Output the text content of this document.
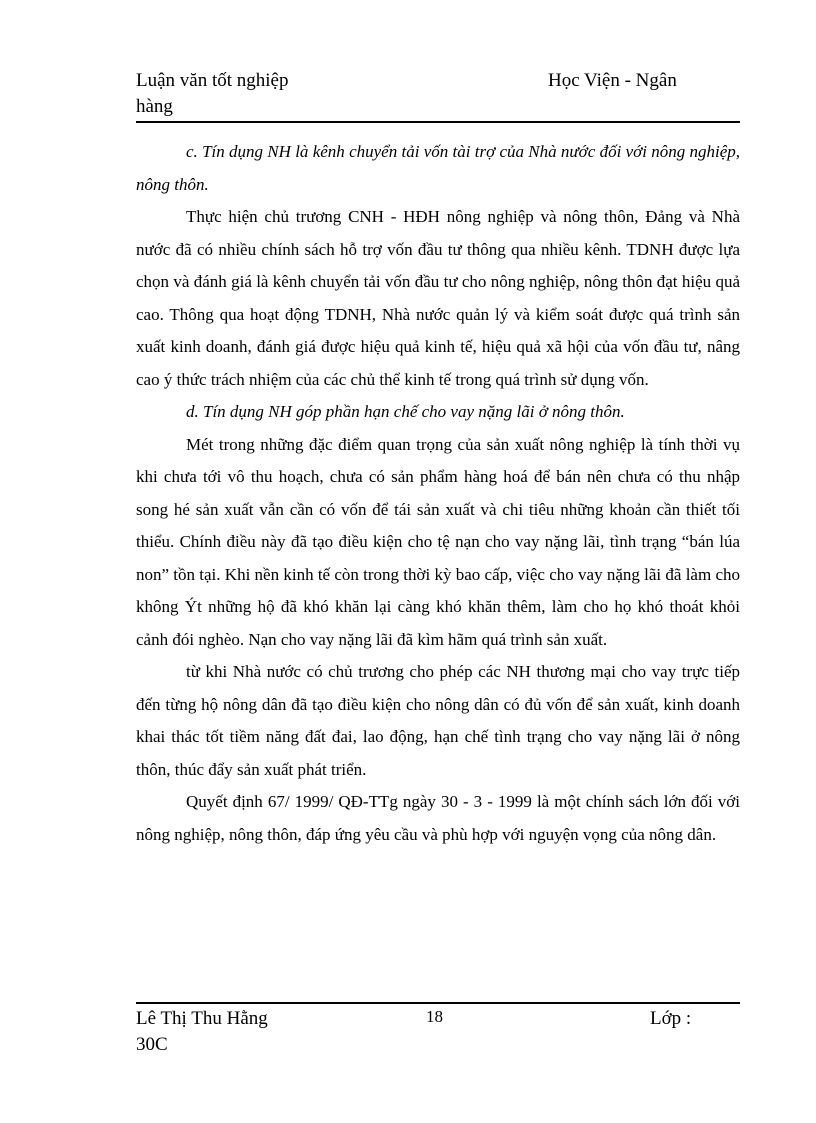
Luận văn tốt nghiệp	Học Viện - Ngân
hàng

c. Tín dụng NH là kênh chuyển tải vốn tài trợ của Nhà nước đối với nông nghiệp, nông thôn.

Thực hiện chủ trương CNH - HĐH nông nghiệp và nông thôn, Đảng và Nhà nước đã có nhiều chính sách hỗ trợ vốn đầu tư thông qua nhiều kênh. TDNH được lựa chọn và đánh giá là kênh chuyển tải vốn đầu tư cho nông nghiệp, nông thôn đạt hiệu quả cao. Thông qua hoạt động TDNH, Nhà nước quản lý và kiểm soát được quá trình sản xuất kinh doanh, đánh giá được hiệu quả kinh tế, hiệu quả xã hội của vốn đầu tư, nâng cao ý thức trách nhiệm của các chủ thể kinh tế trong quá trình sử dụng vốn.

d. Tín dụng NH góp phần hạn chế cho vay nặng lãi ở nông thôn.

Mét trong những đặc điểm quan trọng của sản xuất nông nghiệp là tính thời vụ khi chưa tới vô thu hoạch, chưa có sản phẩm hàng hoá để bán nên chưa có thu nhập song hé sản xuất vẫn cần có vốn để tái sản xuất và chi tiêu những khoản cần thiết tối thiểu. Chính điều này đã tạo điều kiện cho tệ nạn cho vay nặng lãi, tình trạng “bán lúa non” tồn tại. Khi nền kinh tế còn trong thời kỳ bao cấp, việc cho vay nặng lãi đã làm cho không Ýt những hộ đã khó khăn lại càng khó khăn thêm, làm cho họ khó thoát khỏi cảnh đói nghèo. Nạn cho vay nặng lãi đã kìm hãm quá trình sản xuất.

từ khi Nhà nước có chủ trương cho phép các NH thương mại cho vay trực tiếp đến từng hộ nông dân đã tạo điều kiện cho nông dân có đủ vốn để sản xuất, kinh doanh khai thác tốt tiềm năng đất đai, lao động, hạn chế tình trạng cho vay nặng lãi ở nông thôn, thúc đẩy sản xuất phát triển.

Quyết định 67/ 1999/ QĐ-TTg ngày 30 - 3 - 1999 là một chính sách lớn đối với nông nghiệp, nông thôn, đáp ứng yêu cầu và phù hợp với nguyện vọng của nông dân.

Lê Thị Thu Hằng	18	Lớp :
30C
